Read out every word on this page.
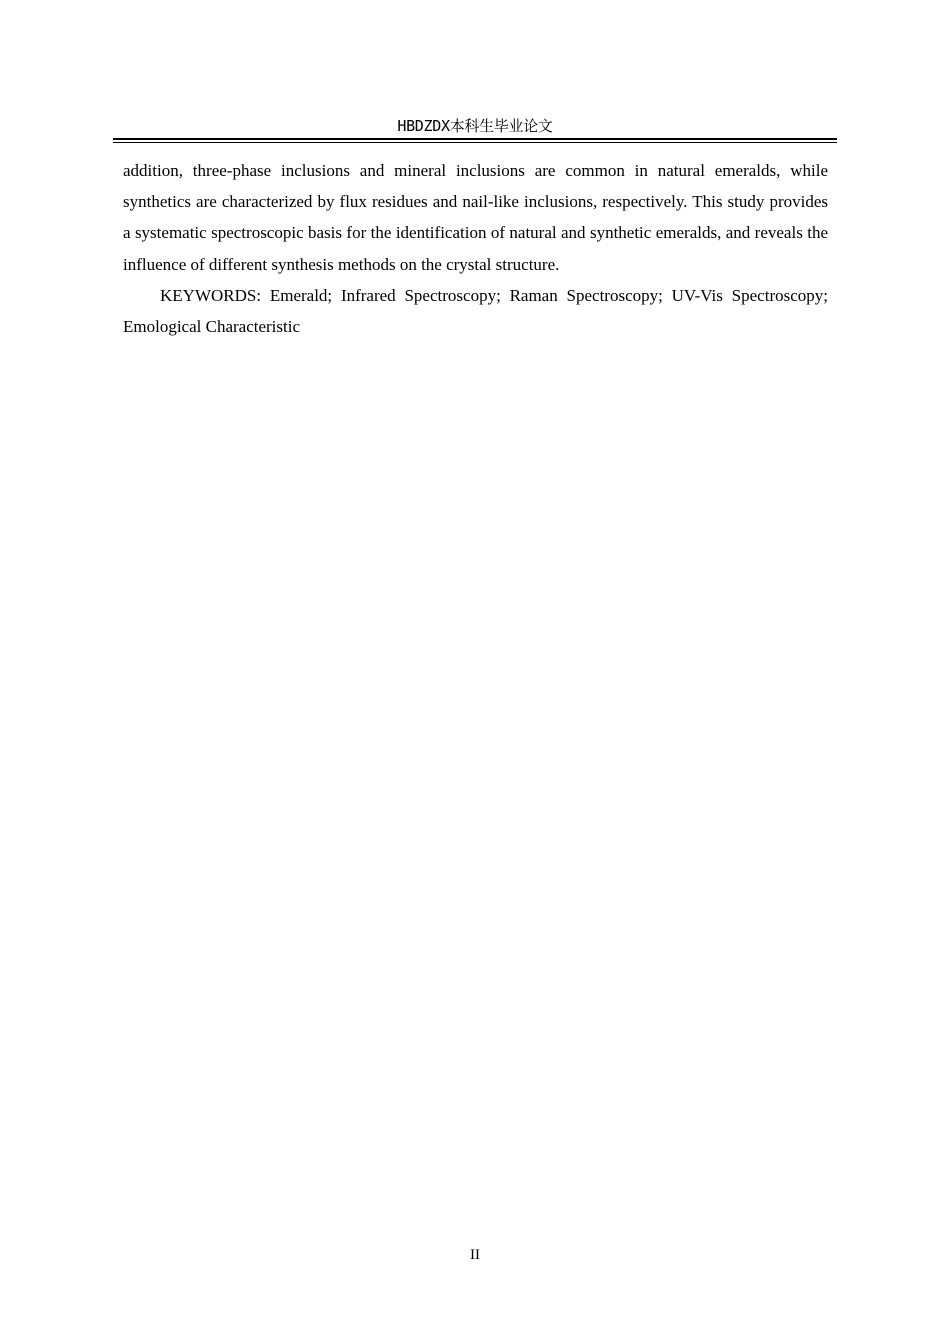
HBDZDX本科生毕业论文

addition, three-phase inclusions and mineral inclusions are common in natural emeralds, while synthetics are characterized by flux residues and nail-like inclusions, respectively. This study provides a systematic spectroscopic basis for the identification of natural and synthetic emeralds, and reveals the influence of different synthesis methods on the crystal structure.

KEYWORDS: Emerald; Infrared Spectroscopy; Raman Spectroscopy; UV-Vis Spectroscopy; Emological Characteristic

II
